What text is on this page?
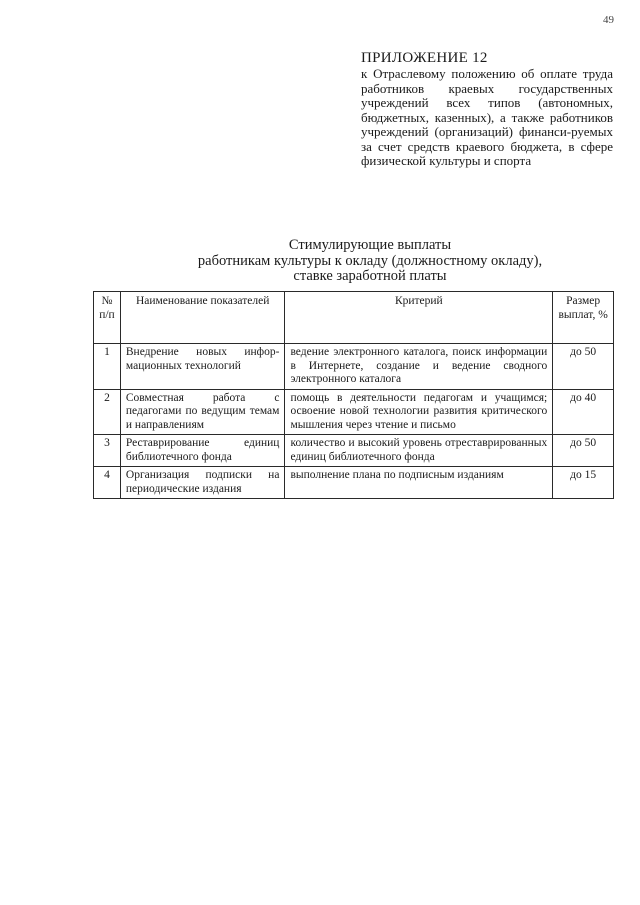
49
ПРИЛОЖЕНИЕ 12
к Отраслевому положению об оплате труда работников краевых государственных учреждений всех типов (автономных, бюджетных, казенных), а также работников учреждений (организаций) финанси-руемых за счет средств краевого бюджета, в сфере физической культуры и спорта
Стимулирующие выплаты
работникам культуры к окладу (должностному окладу),
ставке заработной платы
№ п/п	Наименование показателей	Критерий	Размер выплат, %
1	Внедрение новых инфор-мационных технологий	ведение электронного каталога, поиск информации в Интернете, создание и ведение сводного электронного каталога	до 50
2	Совместная работа с педагогами по ведущим темам и направлениям	помощь в деятельности педагогам и учащимся; освоение новой технологии развития критического мышления через чтение и письмо	до 40
3	Реставрирование единиц библиотечного фонда	количество и высокий уровень отреставрированных единиц библиотечного фонда	до 50
4	Организация подписки на периодические издания	выполнение плана по подписным изданиям	до 15
